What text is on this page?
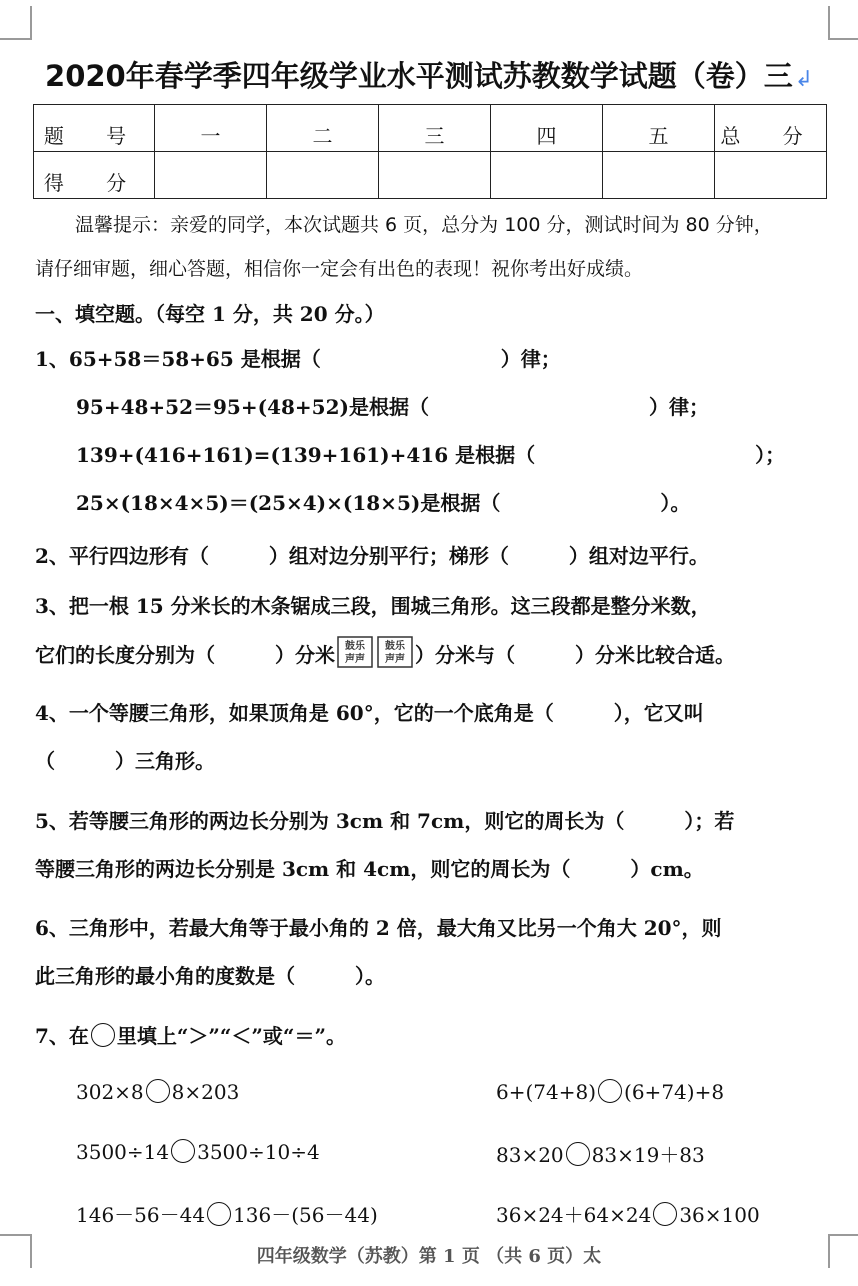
2020年春学季四年级学业水平测试苏教数学试题（卷）三↲
题 号	一	二	三	四	五	总 分
得 分						
温馨提示：亲爱的同学，本次试题共 6 页，总分为 100 分，测试时间为 80 分钟，
请仔细审题，细心答题，相信你一定会有出色的表现！祝你考出好成绩。
一、填空题。（每空 1 分，共 20 分。）
1、65+58＝58+65 是根据（　　　　　　　　　）律；
95+48+52＝95+(48+52)是根据（　　　　　　　　　　　）律；
139+(416+161)=(139+161)+416 是根据（　　　　　　　　　　　）；
25×(18×4×5)＝(25×4)×(18×5)是根据（　　　　　　　　）。
2、平行四边形有（　　　）组对边分别平行；梯形（　　　）组对边平行。
3、把一根 15 分米长的木条锯成三段，围城三角形。这三段都是整分米数，
它们的长度分别为（　　　）分米 鼓乐
声声
鼓乐
声声 ）分米与（　　　）分米比较合适。
4、一个等腰三角形，如果顶角是 60°，它的一个底角是（　　　），它又叫
（　　　）三角形。
5、若等腰三角形的两边长分别为 3cm 和 7cm，则它的周长为（　　　）；若
等腰三角形的两边长分别是 3cm 和 4cm，则它的周长为（　　　）cm。
6、三角形中，若最大角等于最小角的 2 倍，最大角又比另一个角大 20°，则
此三角形的最小角的度数是（　　　）。
7、在 里填上“＞”“＜”或“＝”。
302×8 8×203	6+(74+8) (6+74)+8
3500÷14 3500÷10÷4	83×20 83×19＋83
146－56－44 136－(56－44)	36×24＋64×24 36×100
四年级数学（苏教）第 1 页 （共 6 页）太
